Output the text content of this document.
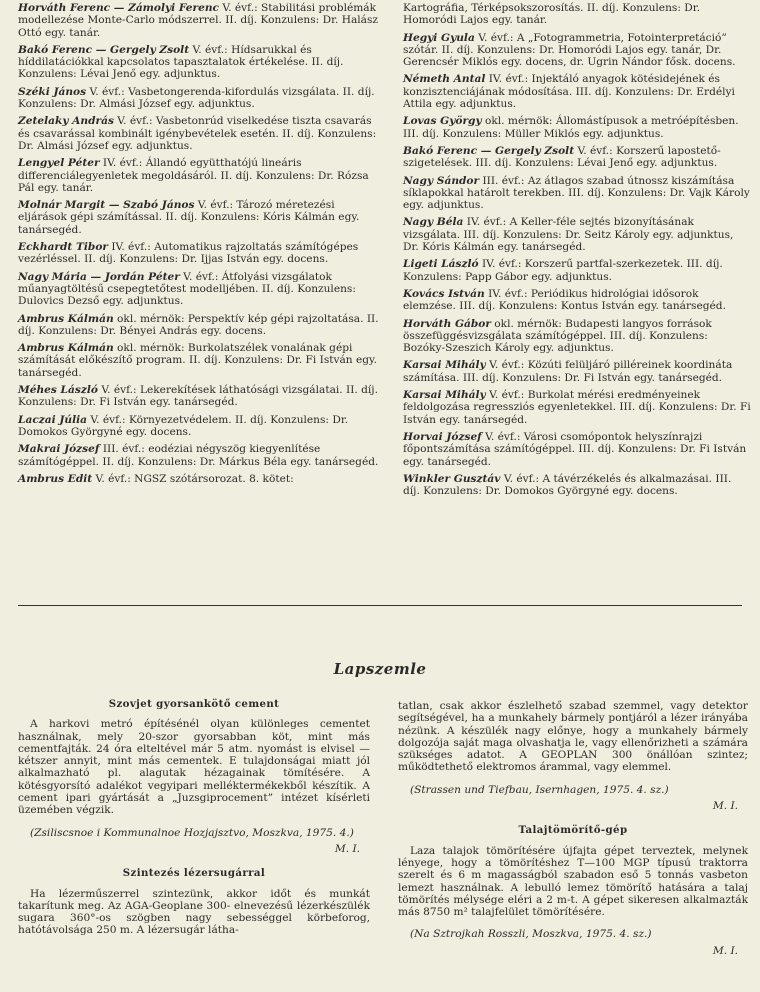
Horváth Ferenc — Zámolyi Ferenc V. évf.: Stabilitási problémák modellezése Monte-Carlo módszerrel. II. díj. Konzulens: Dr. Halász Ottó egy. tanár.

Bakó Ferenc — Gergely Zsolt V. évf.: Hídsarukkal és híddilatációkkal kapcsolatos tapasztalatok értékelése. II. díj. Konzulens: Lévai Jenő egy. adjunktus.

Széki János V. évf.: Vasbetongerenda-kifordulás vizsgálata. II. díj. Konzulens: Dr. Almási József egy. adjunktus.

Zetelaky András V. évf.: Vasbetonrúd viselkedése tiszta csavarás és csavarással kombinált igénybevételek esetén. II. díj. Konzulens: Dr. Almási József egy. adjunktus.

Lengyel Péter IV. évf.: Állandó együtthatójú lineáris differenciálegyenletek megoldásáról. II. díj. Konzulens: Dr. Rózsa Pál egy. tanár.

Molnár Margit — Szabó János V. évf.: Tározó méretezési eljárások gépi számítással. II. díj. Konzulens: Kóris Kálmán egy. tanársegéd.

Eckhardt Tibor IV. évf.: Automatikus rajzoltatás számítógépes vezérléssel. II. díj. Konzulens: Dr. Ijjas István egy. docens.

Nagy Mária — Jordán Péter V. évf.: Átfolyási vizsgálatok műanyagtöltésű csepegtetőtest modelljében. II. díj. Konzulens: Dulovics Dezső egy. adjunktus.

Ambrus Kálmán okl. mérnök: Perspektív kép gépi rajzoltatása. II. díj. Konzulens: Dr. Bényei András egy. docens.

Ambrus Kálmán okl. mérnök: Burkolatszélek vonalának gépi számítását előkészítő program. II. díj. Konzulens: Dr. Fi István egy. tanársegéd.

Méhes László V. évf.: Lekerekítések láthatósági vizsgálatai. II. díj. Konzulens: Dr. Fi István egy. tanársegéd.

Laczai Júlia V. évf.: Környezetvédelem. II. díj. Konzulens: Dr. Domokos Györgyné egy. docens.

Makrai József III. évf.: eodéziai négyszög kiegyenlítése számítógéppel. II. díj. Konzulens: Dr. Márkus Béla egy. tanársegéd.

Ambrus Edit V. évf.: NGSZ szótársorozat. 8. kötet:

Kartográfia, Térképsokszorosítás. II. díj. Konzulens: Dr. Homoródi Lajos egy. tanár.

Hegyi Gyula V. évf.: A „Fotogrammetria, Fotointerpretáció” szótár. II. díj. Konzulens: Dr. Homoródi Lajos egy. tanár, Dr. Gerencsér Miklós egy. docens, dr. Ugrin Nándor fősk. docens.

Németh Antal IV. évf.: Injektáló anyagok kötésidejének és konzisztenciájának módosítása. III. díj. Konzulens: Dr. Erdélyi Attila egy. adjunktus.

Lovas György okl. mérnök: Állomástípusok a metróépítésben. III. díj. Konzulens: Müller Miklós egy. adjunktus.

Bakó Ferenc — Gergely Zsolt V. évf.: Korszerű lapostető-szigetelések. III. díj. Konzulens: Lévai Jenő egy. adjunktus.

Nagy Sándor III. évf.: Az átlagos szabad útnossz kiszámítása síklapokkal határolt terekben. III. díj. Konzulens: Dr. Vajk Károly egy. adjunktus.

Nagy Béla IV. évf.: A Keller-féle sejtés bizonyításának vizsgálata. III. díj. Konzulens: Dr. Seitz Károly egy. adjunktus, Dr. Kóris Kálmán egy. tanársegéd.

Ligeti László IV. évf.: Korszerű partfal-szerkezetek. III. díj. Konzulens: Papp Gábor egy. adjunktus.

Kovács István IV. évf.: Periódikus hidrológiai idősorok elemzése. III. díj. Konzulens: Kontus István egy. tanársegéd.

Horváth Gábor okl. mérnök: Budapesti langyos források összefüggésvizsgálata számítógéppel. III. díj. Konzulens: Bozóky-Szeszich Károly egy. adjunktus.

Karsai Mihály V. évf.: Közúti felüljáró pilléreinek koordináta számítása. III. díj. Konzulens: Dr. Fi István egy. tanársegéd.

Karsai Mihály V. évf.: Burkolat mérési eredményeinek feldolgozása regressziós egyenletekkel. III. díj. Konzulens: Dr. Fi István egy. tanársegéd.

Horvai József V. évf.: Városi csomópontok helyszínrajzi főpontszámítása számítógéppel. III. díj. Konzulens: Dr. Fi István egy. tanársegéd.

Winkler Gusztáv V. évf.: A távérzékelés és alkalmazásai. III. díj. Konzulens: Dr. Domokos Györgyné egy. docens.

Lapszemle

Szovjet gyorsankötő cement

A harkovi metró építésénél olyan különleges cementet használnak, mely 20-szor gyorsabban köt, mint más cementfajták. 24 óra elteltével már 5 atm. nyomást is elvisel — kétszer annyit, mint más cementek. E tulajdonságai miatt jól alkalmazható pl. alagutak hézagainak tömítésére. A kötésgyorsító adalékot vegyipari melléktermékekből készítik. A cement ipari gyártását a „Juzsgiprocement” intézet kísérleti üzemében végzik.

(Zsiliscsnoe i Kommunalnoe Hozjajsztvo, Moszkva, 1975. 4.)

M. I.

Szintezés lézersugárral

Ha lézerműszerrel szintezünk, akkor időt és munkát takarítunk meg. Az AGA-Geoplane 300- elnevezésű lézerkészülék sugara 360°-os szögben nagy sebességgel körbeforog, hatótávolsága 250 m. A lézersugár látha-

tatlan, csak akkor észlelhető szabad szemmel, vagy detektor segítségével, ha a munkahely bármely pontjáról a lézer irányába nézünk. A készülék nagy előnye, hogy a munkahely bármely dolgozója saját maga olvashatja le, vagy ellenőrizheti a számára szükséges adatot. A GEOPLAN 300 önállóan szintez; működtethető elektromos árammal, vagy elemmel.

(Strassen und Tiefbau, Isernhagen, 1975. 4. sz.)

M. I.

Talajtömörítő-gép

Laza talajok tömörítésére újfajta gépet terveztek, melynek lényege, hogy a tömörítéshez T—100 MGP típusú traktorra szerelt és 6 m magasságból szabadon eső 5 tonnás vasbeton lemezt használnak. A lebulló lemez tömörítő hatására a talaj tömörítés mélysége eléri a 2 m-t. A gépet sikeresen alkalmazták más 8750 m² talajfelület tömörítésére.

(Na Sztrojkah Rosszli, Moszkva, 1975. 4. sz.)

M. I.
